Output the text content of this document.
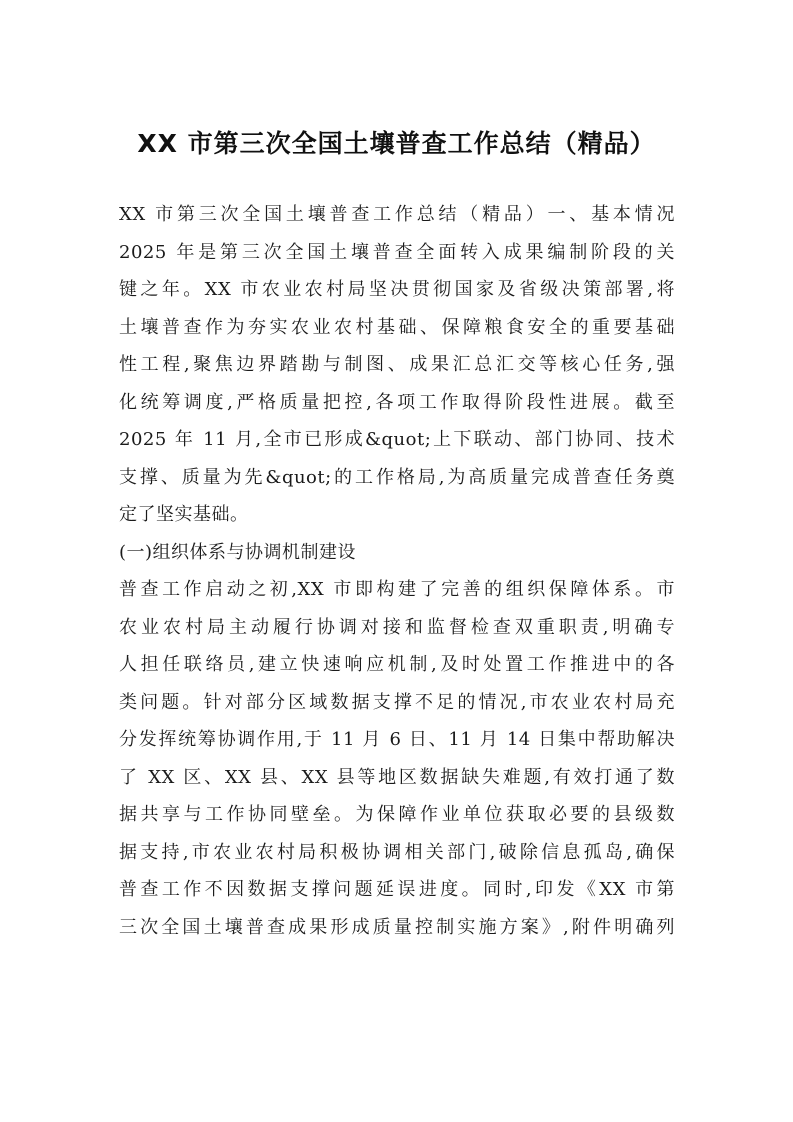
XX 市第三次全国土壤普查工作总结（精品）
XX 市第三次全国土壤普查工作总结（精品）一、基本情况
2025 年是第三次全国土壤普查全面转入成果编制阶段的关
键之年。XX 市农业农村局坚决贯彻国家及省级决策部署,将
土壤普查作为夯实农业农村基础、保障粮食安全的重要基础
性工程,聚焦边界踏勘与制图、成果汇总汇交等核心任务,强
化统筹调度,严格质量把控,各项工作取得阶段性进展。截至
2025 年 11 月,全市已形成&quot;上下联动、部门协同、技术
支撑、质量为先&quot;的工作格局,为高质量完成普查任务奠
定了坚实基础。
(一)组织体系与协调机制建设
普查工作启动之初,XX 市即构建了完善的组织保障体系。市
农业农村局主动履行协调对接和监督检查双重职责,明确专
人担任联络员,建立快速响应机制,及时处置工作推进中的各
类问题。针对部分区域数据支撑不足的情况,市农业农村局充
分发挥统筹协调作用,于 11 月 6 日、11 月 14 日集中帮助解决
了 XX 区、XX 县、XX 县等地区数据缺失难题,有效打通了数
据共享与工作协同壁垒。为保障作业单位获取必要的县级数
据支持,市农业农村局积极协调相关部门,破除信息孤岛,确保
普查工作不因数据支撑问题延误进度。同时,印发《XX 市第
三次全国土壤普查成果形成质量控制实施方案》,附件明确列
